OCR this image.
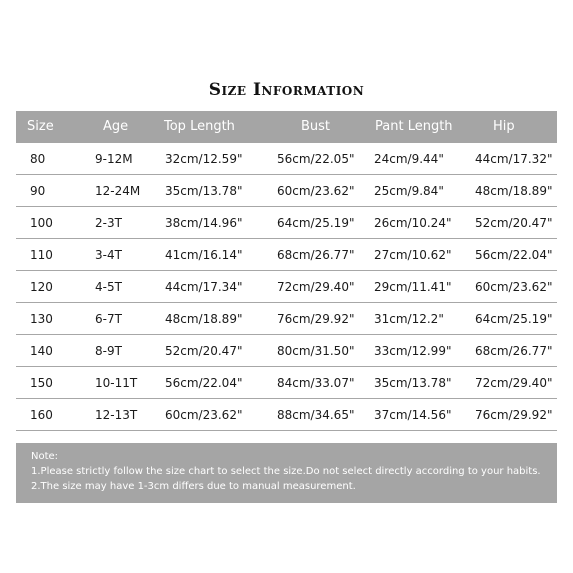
Size Information
Size	Age	Top Length	Bust	Pant Length	Hip
80	9-12M	32cm/12.59"	56cm/22.05" 24cm/9.44"	44cm/17.32"
90	12-24M 35cm/13.78"	60cm/23.62" 25cm/9.84"	48cm/18.89"
100	2-3T	38cm/14.96"	64cm/25.19" 26cm/10.24" 52cm/20.47"
110	3-4T	41cm/16.14"	68cm/26.77" 27cm/10.62" 56cm/22.04"
120	4-5T	44cm/17.34"	72cm/29.40" 29cm/11.41" 60cm/23.62"
130	6-7T	48cm/18.89"	76cm/29.92" 31cm/12.2"	64cm/25.19"
140	8-9T	52cm/20.47"	80cm/31.50" 33cm/12.99" 68cm/26.77"
150	10-11T 56cm/22.04"	84cm/33.07" 35cm/13.78" 72cm/29.40"
160	12-13T 60cm/23.62"	88cm/34.65" 37cm/14.56" 76cm/29.92"
Note:
1.Please strictly follow the size chart to select the size.Do not select directly according to your habits.
2.The size may have 1-3cm differs due to manual measurement.
